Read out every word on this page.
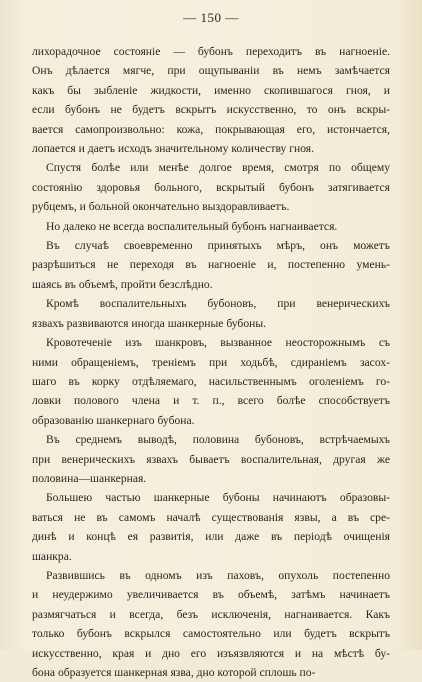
— 150 —
лихорадочное состоянiе — бубонъ переходитъ въ нагноенiе.
Онъ дѣлается мягче, при ощупыванiи въ немъ замѣчается
какъ бы зыбленiе жидкости, именно скопившагося гноя, и
если бубонъ не будетъ вскрытъ искусственно, то онъ вскры-
вается самопроизвольно: кожа, покрывающая его, истончается,
лопается и даетъ исходъ значительному количеству гноя.
Спустя болѣе или менѣе долгое время, смотря по общему
состоянiю здоровья больного, вскрытый бубонъ затягивается
рубцемъ, и больной окончательно выздоравливаетъ.
Но далеко не всегда воспалительный бубонъ нагнаивается.
Въ случаѣ своевременно принятыхъ мѣръ, онъ можетъ
разрѣшиться не переходя въ нагноенiе и, постепенно умень-
шаясь въ объемѣ, пройти безслѣдно.
Кромѣ воспалительныхъ бубоновъ, при венерическихъ
язвахъ развиваются иногда шанкерные бубоны.
Кровотеченiе изъ шанкровъ, вызванное неосторожнымъ съ
ними обращенiемъ, тренiемъ при ходьбѣ, сдиранiемъ засох-
шаго въ корку отдѣляемаго, насильственнымъ оголенiемъ го-
ловки полового члена и т. п., всего болѣе способствуетъ
образованiю шанкернаго бубона.
Въ среднемъ выводѣ, половина бубоновъ, встрѣчаемыхъ
при венерическихъ язвахъ бываетъ воспалительная, другая же
половина—шанкерная.
Большею частью шанкерные бубоны начинаютъ образовы-
ваться не въ самомъ началѣ существованiя язвы, а въ сре-
динѣ и концѣ ея развитiя, или даже въ перiодѣ очищенiя
шанкра.
Развившись въ одномъ изъ паховъ, опухоль постепенно
и неудержимо увеличивается въ объемѣ, затѣмъ начинаетъ
размягчаться и всегда, безъ исключенiя, нагнаивается. Какъ
только бубонъ вскрылся самостоятельно или будетъ вскрытъ
искусственно, края и дно его изъязвляются и на мѣстѣ бу-
бона образуется шанкерная язва, дно которой сплошь по-
